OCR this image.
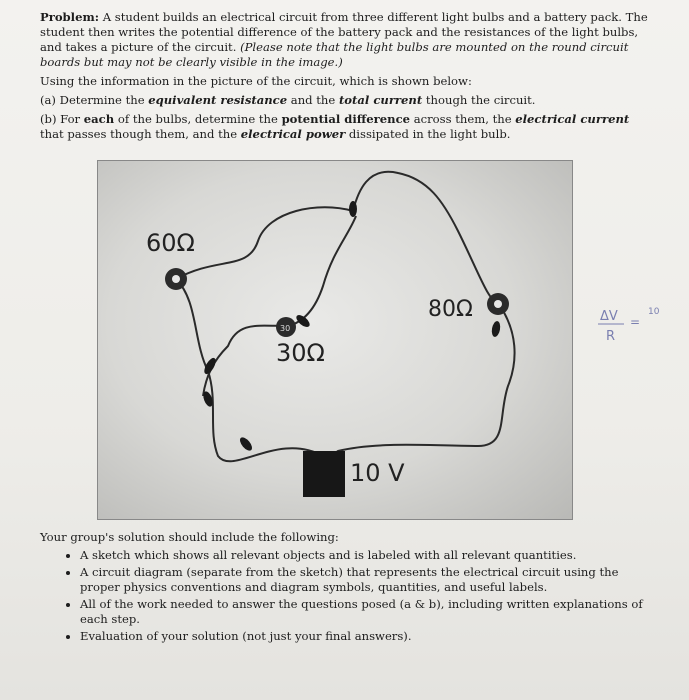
Problem: A student builds an electrical circuit from three different light bulbs and a battery pack. The student then writes the potential difference of the battery pack and the resistances of the light bulbs, and takes a picture of the circuit. (Please note that the light bulbs are mounted on the round circuit boards but may not be clearly visible in the image.)

Using the information in the picture of the circuit, which is shown below:

(a) Determine the equivalent resistance and the total current though the circuit.

(b) For each of the bulbs, determine the potential difference across them, the electrical current that passes though them, and the electrical power dissipated in the light bulb.

30
60Ω
30Ω
80Ω
10 V
ΔV
R
=
10

Your group's solution should include the following:

• A sketch which shows all relevant objects and is labeled with all relevant quantities.
• A circuit diagram (separate from the sketch) that represents the electrical circuit using the proper physics conventions and diagram symbols, quantities, and useful labels.
• All of the work needed to answer the questions posed (a & b), including written explanations of each step.
• Evaluation of your solution (not just your final answers).
